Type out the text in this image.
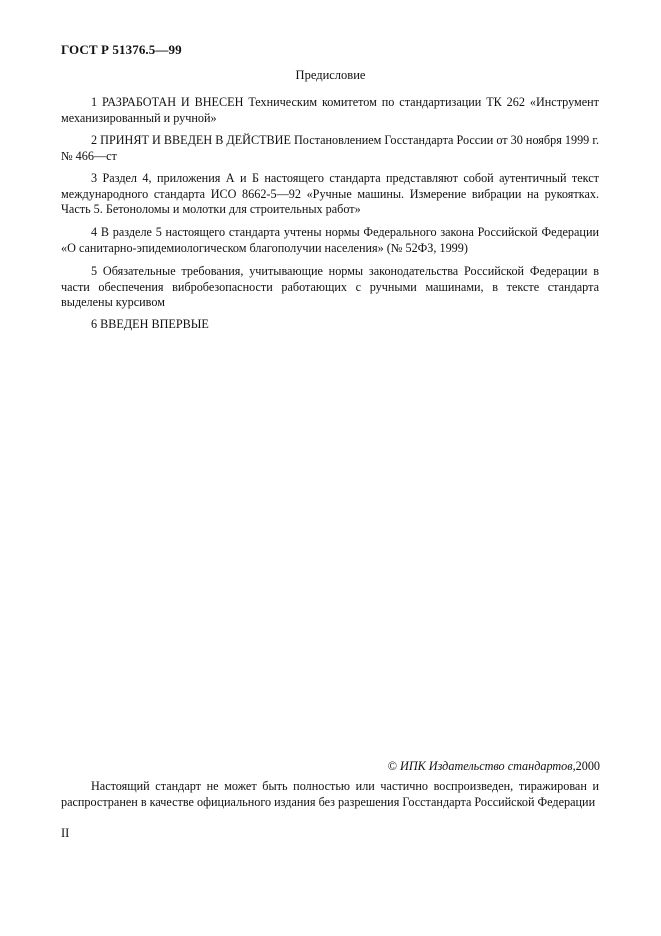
ГОСТ Р 51376.5—99
Предисловие

1 РАЗРАБОТАН И ВНЕСЕН Техническим комитетом по стандартизации ТК 262 «Инструмент механизированный и ручной»

2 ПРИНЯТ И ВВЕДЕН В ДЕЙСТВИЕ Постановлением Госстандарта России от 30 ноября 1999 г. № 466—ст

3 Раздел 4, приложения А и Б настоящего стандарта представляют собой аутентичный текст международного стандарта ИСО 8662-5—92 «Ручные машины. Измерение вибрации на рукоятках. Часть 5. Бетоноломы и молотки для строительных работ»

4 В разделе 5 настоящего стандарта учтены нормы Федерального закона Российской Федерации «О санитарно-эпидемиологическом благополучии населения» (№ 52ФЗ, 1999)

5 Обязательные требования, учитывающие нормы законодательства Российской Федерации в части обеспечения вибробезопасности работающих с ручными машинами, в тексте стандарта выделены курсивом

6 ВВЕДЕН ВПЕРВЫЕ

© ИПК Издательство стандартов,2000

Настоящий стандарт не может быть полностью или частично воспроизведен, тиражирован и распространен в качестве официального издания без разрешения Госстандарта Российской Федерации

II
